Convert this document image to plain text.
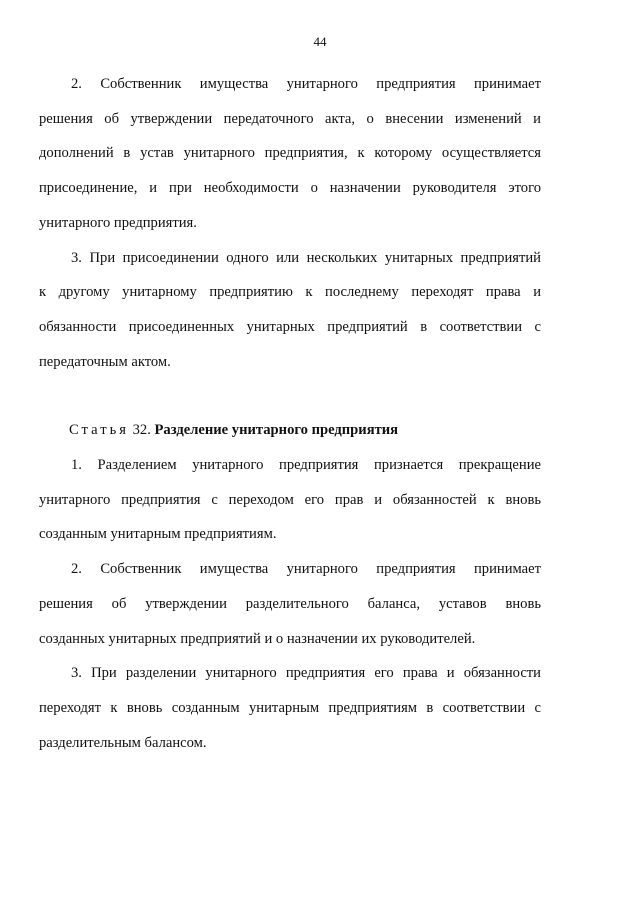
44
2. Собственник имущества унитарного предприятия принимает
решения об утверждении передаточного акта, о внесении изменений и
дополнений в устав унитарного предприятия, к которому осуществляется
присоединение, и при необходимости о назначении руководителя этого
унитарного предприятия.
3. При присоединении одного или нескольких унитарных предприятий
к другому унитарному предприятию к последнему переходят права и
обязанности присоединенных унитарных предприятий в соответствии с
передаточным актом.
Статья 32. Разделение унитарного предприятия
1. Разделением унитарного предприятия признается прекращение
унитарного предприятия с переходом его прав и обязанностей к вновь
созданным унитарным предприятиям.
2. Собственник имущества унитарного предприятия принимает
решения об утверждении разделительного баланса, уставов вновь
созданных унитарных предприятий и о назначении их руководителей.
3. При разделении унитарного предприятия его права и обязанности
переходят к вновь созданным унитарным предприятиям в соответствии с
разделительным балансом.
